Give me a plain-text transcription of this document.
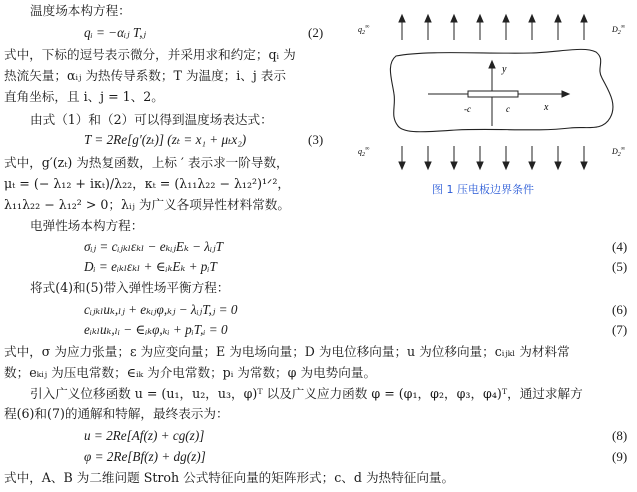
温度场本构方程：
qᵢ = −αᵢⱼ T,ⱼ
式中，下标的逗号表示微分，并采用求和约定；qᵢ 为
热流矢量；αᵢⱼ 为热传导系数；T 为温度；i、j 表示
直角坐标，且 i、j = 1、2。
由式（1）和（2）可以得到温度场表达式：
T = 2Re[g′(zₜ)] (zₜ = x₁ + μₜx₂)
式中，g′(zₜ) 为热复函数，上标 ′ 表示求一阶导数，
μₜ = (− λ₁₂ + iκₜ)/λ₂₂，κₜ = (λ₁₁λ₂₂ − λ₁₂²)¹ᐟ²，
λ₁₁λ₂₂ − λ₁₂² > 0；λᵢⱼ 为广义各项异性材料常数。
电弹性场本构方程：
σᵢⱼ = cᵢⱼₖₗεₖₗ − eₖᵢⱼEₖ − λᵢⱼT
Dᵢ = eᵢₖₗεₖₗ + ∈ᵢₖEₖ + pᵢT
将式(4)和(5)带入弹性场平衡方程：
cᵢⱼₖₗuₖ,ₗⱼ + eₖᵢⱼφ,ₖⱼ − λᵢⱼT,ⱼ = 0
eᵢₖₗuₖ,ₗᵢ − ∈ᵢₖφ,ₖᵢ + pᵢT,ᵢ = 0
式中，σ 为应力张量；ε 为应变向量；E 为电场向量；D 为电位移向量；u 为位移向量；cᵢⱼₖₗ 为材料常
数；eₖᵢⱼ 为压电常数；∈ᵢₖ 为介电常数；pᵢ 为常数；φ 为电势向量。
引入广义位移函数 u = (u₁，u₂，u₃，φ)ᵀ 以及广义应力函数 φ = (φ₁，φ₂，φ₃，φ₄)ᵀ，通过求解方
程(6)和(7)的通解和特解，最终表示为：
u = 2Re[Af(z) + cg(z)]
φ = 2Re[Bf(z) + dg(z)]
式中，A、B 为二维问题 Stroh 公式特征向量的矩阵形式；c、d 为热特征向量。
(2)
(3)
(4)
(5)
(6)
(7)
(8)
(9)
$q_2^\infty$	$D_2^\infty$
y
x
-c	c
$q_2^\infty$	$D_2^\infty$
图 1 压电板边界条件
